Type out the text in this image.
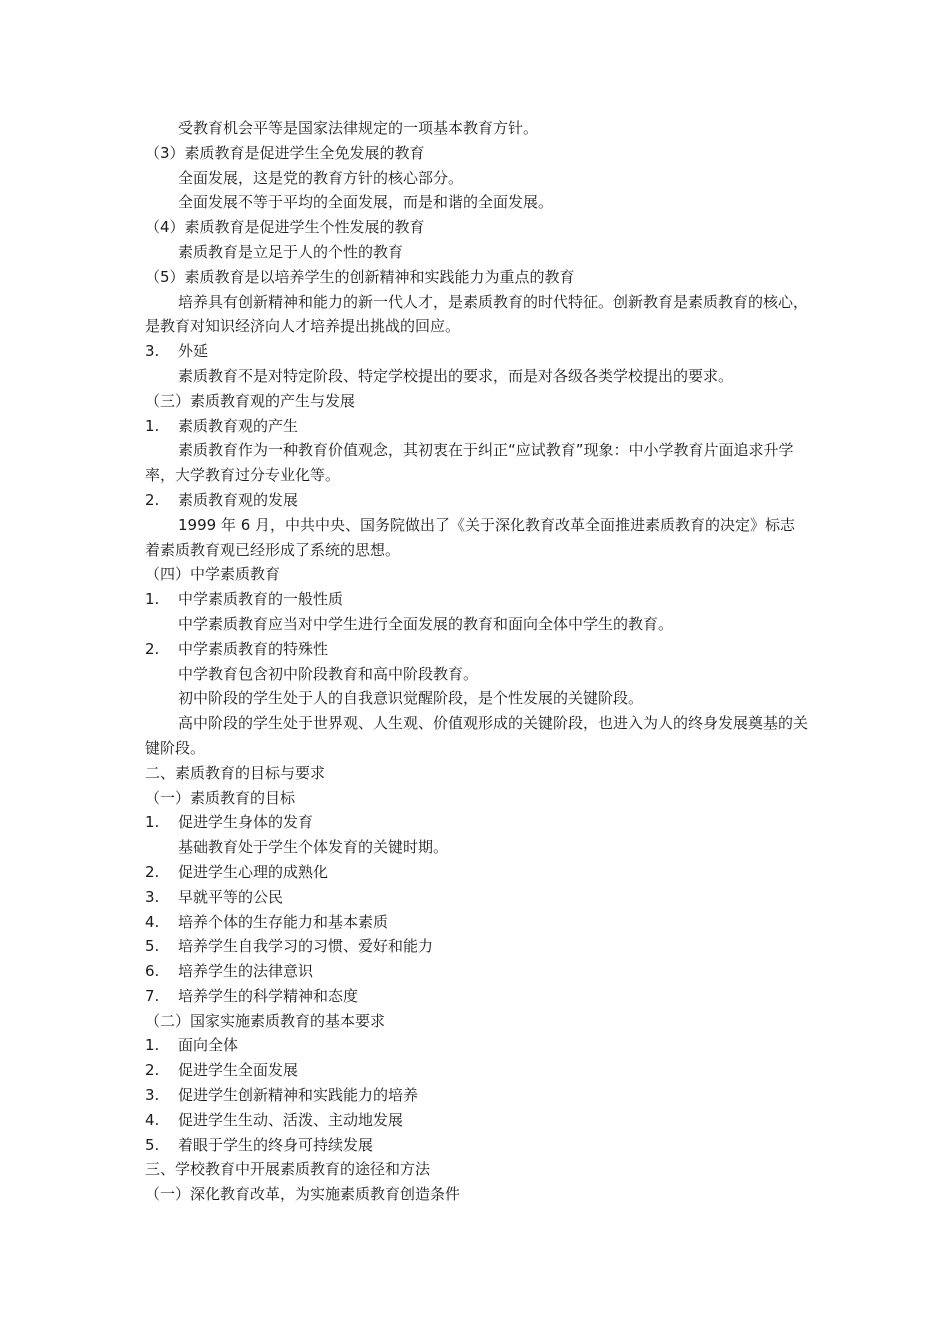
受教育机会平等是国家法律规定的一项基本教育方针。
（3）素质教育是促进学生全免发展的教育
全面发展，这是党的教育方针的核心部分。
全面发展不等于平均的全面发展，而是和谐的全面发展。
（4）素质教育是促进学生个性发展的教育
素质教育是立足于人的个性的教育
（5）素质教育是以培养学生的创新精神和实践能力为重点的教育
培养具有创新精神和能力的新一代人才，是素质教育的时代特征。创新教育是素质教育的核心，是教育对知识经济向人才培养提出挑战的回应。
3. 外延
素质教育不是对特定阶段、特定学校提出的要求，而是对各级各类学校提出的要求。
（三）素质教育观的产生与发展
1. 素质教育观的产生
素质教育作为一种教育价值观念，其初衷在于纠正“应试教育”现象：中小学教育片面追求升学率，大学教育过分专业化等。
2. 素质教育观的发展
1999 年 6 月，中共中央、国务院做出了《关于深化教育改革全面推进素质教育的决定》标志着素质教育观已经形成了系统的思想。
（四）中学素质教育
1. 中学素质教育的一般性质
中学素质教育应当对中学生进行全面发展的教育和面向全体中学生的教育。
2. 中学素质教育的特殊性
中学教育包含初中阶段教育和高中阶段教育。
初中阶段的学生处于人的自我意识觉醒阶段，是个性发展的关键阶段。
高中阶段的学生处于世界观、人生观、价值观形成的关键阶段，也进入为人的终身发展奠基的关键阶段。
二、素质教育的目标与要求
（一）素质教育的目标
1. 促进学生身体的发育
基础教育处于学生个体发育的关键时期。
2. 促进学生心理的成熟化
3. 早就平等的公民
4. 培养个体的生存能力和基本素质
5. 培养学生自我学习的习惯、爱好和能力
6. 培养学生的法律意识
7. 培养学生的科学精神和态度
（二）国家实施素质教育的基本要求
1. 面向全体
2. 促进学生全面发展
3. 促进学生创新精神和实践能力的培养
4. 促进学生生动、活泼、主动地发展
5. 着眼于学生的终身可持续发展
三、学校教育中开展素质教育的途径和方法
（一）深化教育改革，为实施素质教育创造条件
